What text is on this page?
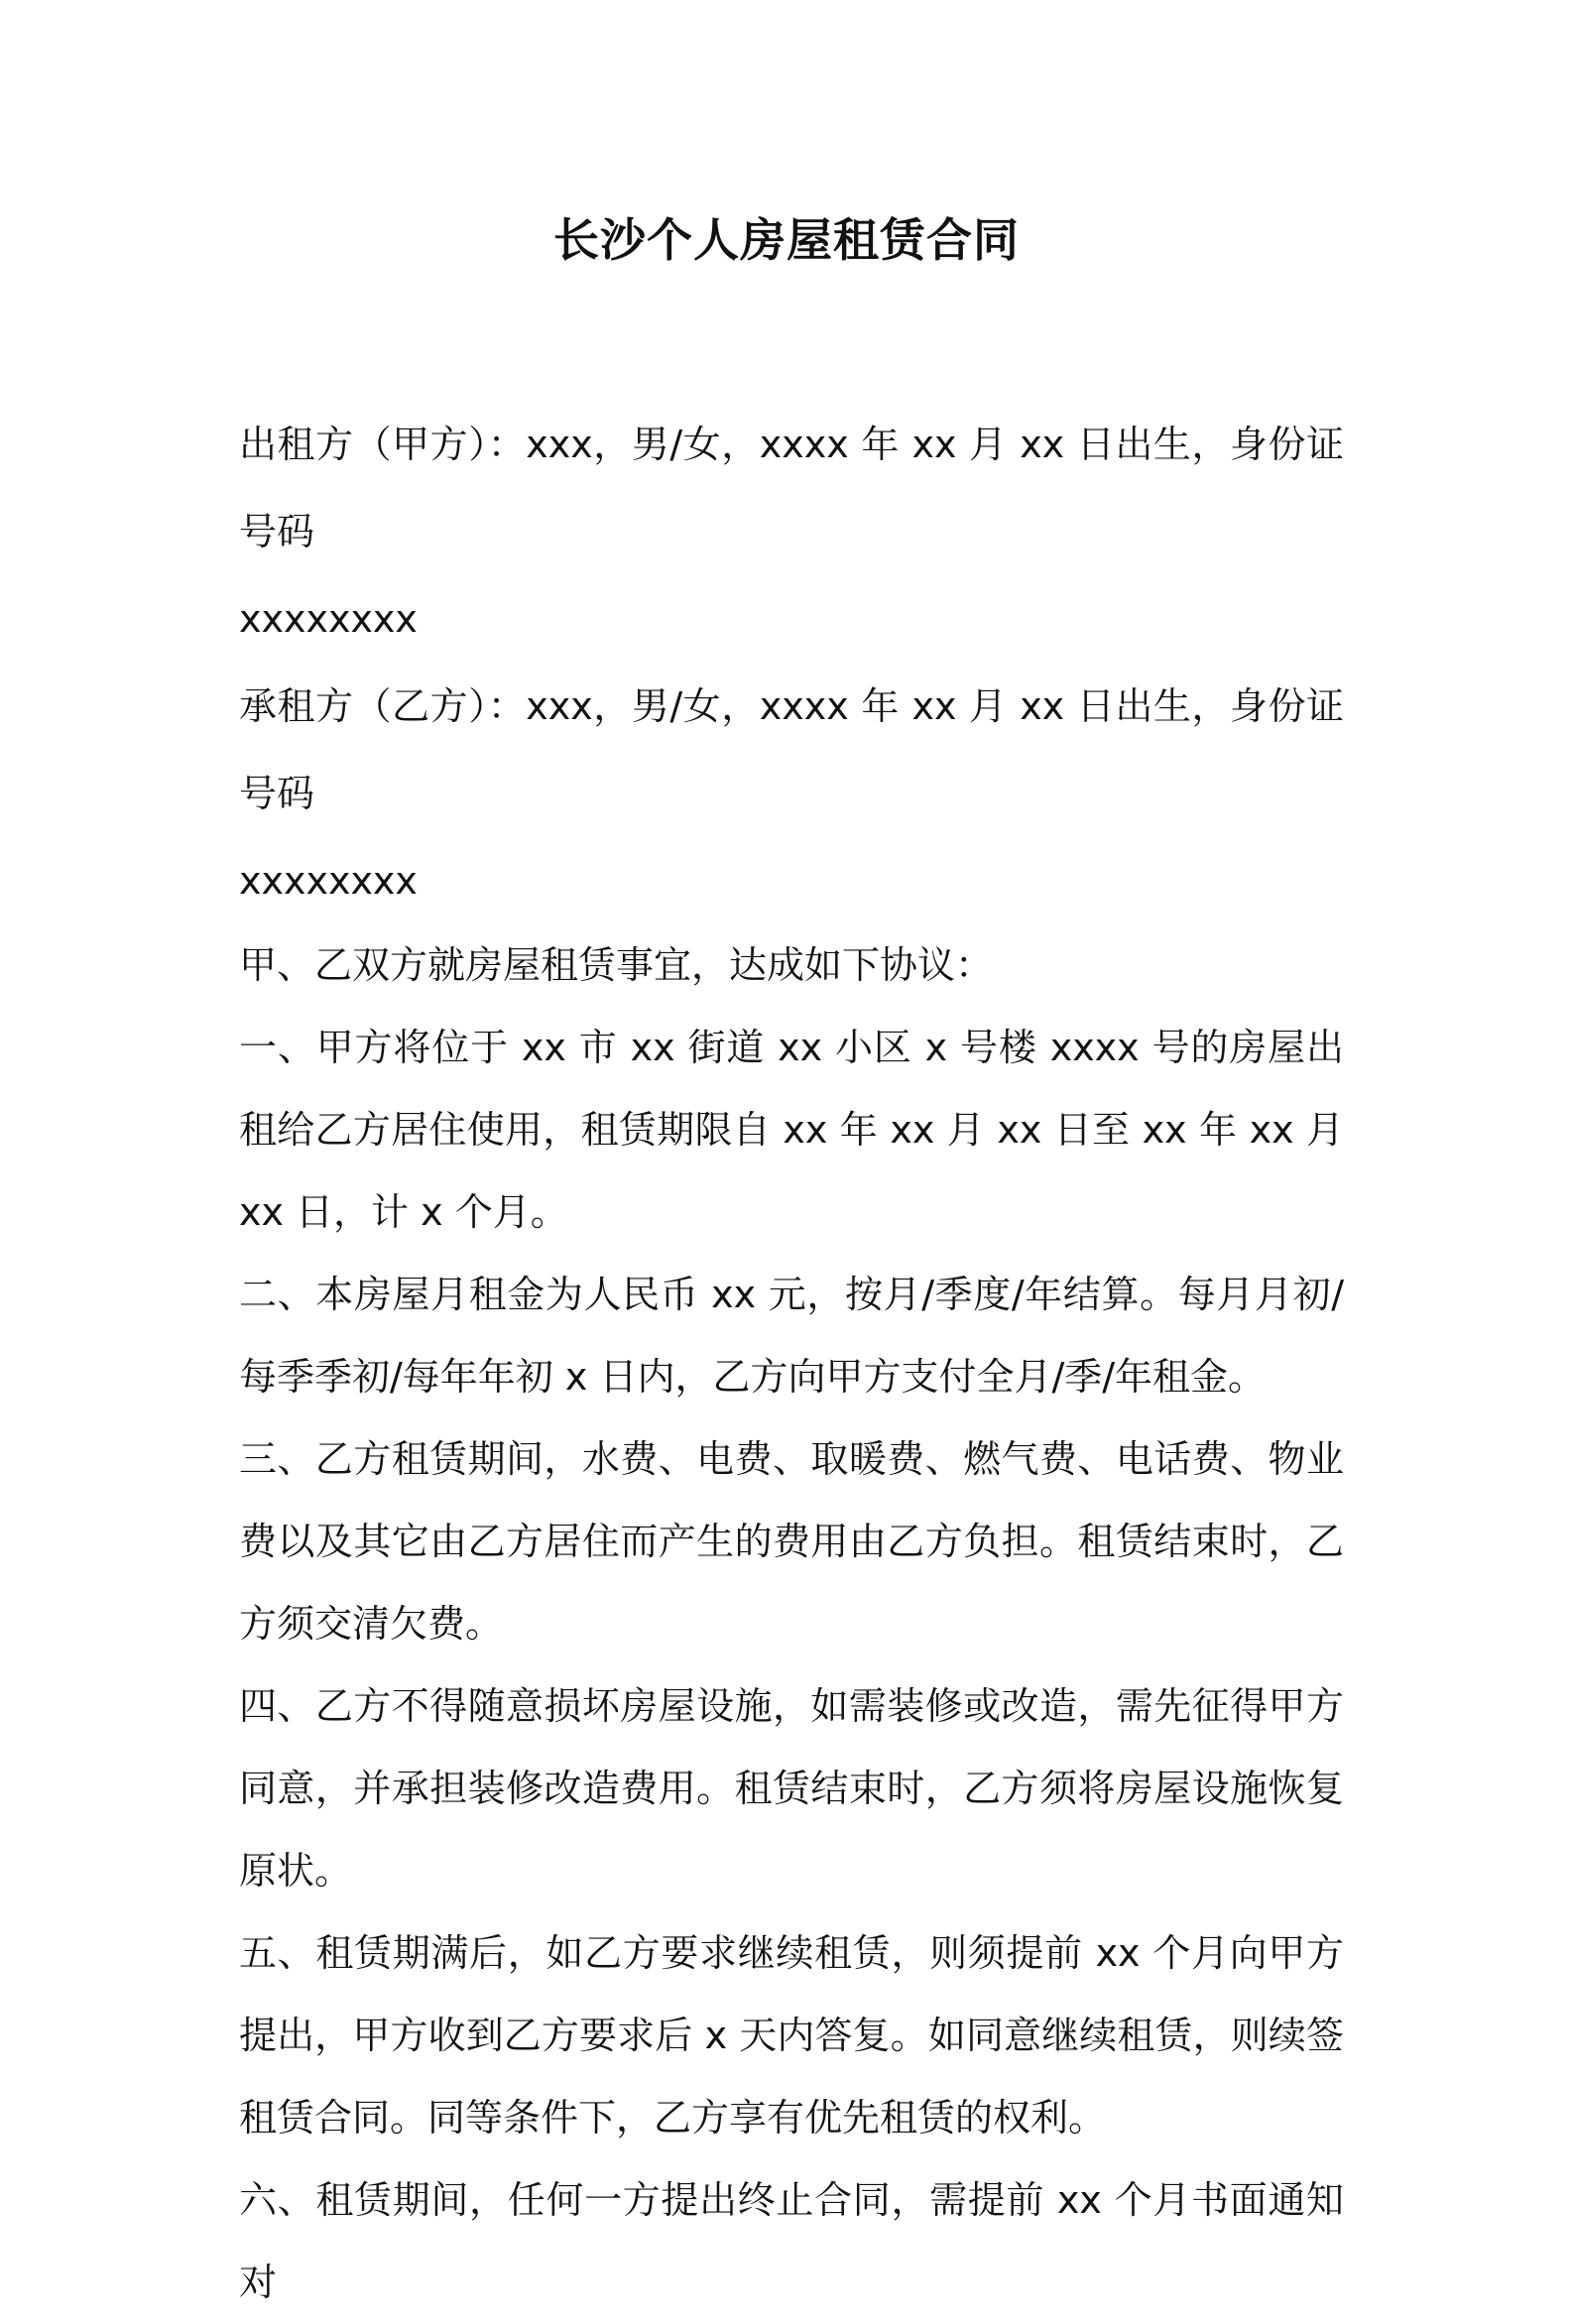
长沙个人房屋租赁合同

出租方（甲方）：xxx，男/女，xxxx 年 xx 月 xx 日出生，身份证号码
xxxxxxxx

承租方（乙方）：xxx，男/女，xxxx 年 xx 月 xx 日出生，身份证号码
xxxxxxxx

甲、乙双方就房屋租赁事宜，达成如下协议：

一、甲方将位于 xx 市 xx 街道 xx 小区 x 号楼 xxxx 号的房屋出租给乙方居住使用，租赁期限自 xx 年 xx 月 xx 日至 xx 年 xx 月 xx 日，计 x 个月。

二、本房屋月租金为人民币 xx 元，按月/季度/年结算。每月月初/每季季初/每年年初 x 日内，乙方向甲方支付全月/季/年租金。

三、乙方租赁期间，水费、电费、取暖费、燃气费、电话费、物业费以及其它由乙方居住而产生的费用由乙方负担。租赁结束时，乙方须交清欠费。

四、乙方不得随意损坏房屋设施，如需装修或改造，需先征得甲方同意，并承担装修改造费用。租赁结束时，乙方须将房屋设施恢复原状。

五、租赁期满后，如乙方要求继续租赁，则须提前 xx 个月向甲方提出，甲方收到乙方要求后 x 天内答复。如同意继续租赁，则续签租赁合同。同等条件下，乙方享有优先租赁的权利。

六、租赁期间，任何一方提出终止合同，需提前 xx 个月书面通知对
